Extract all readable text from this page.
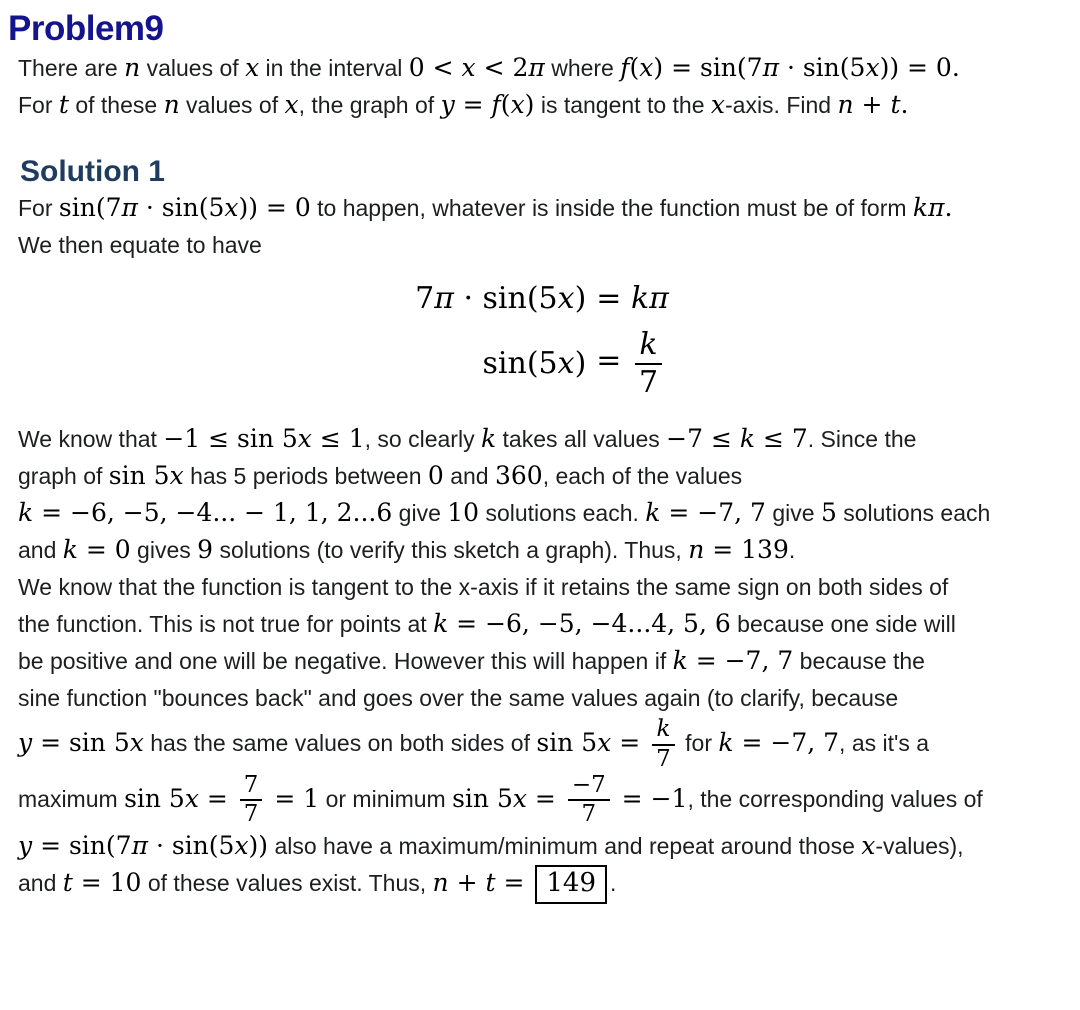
Problem9

There are n values of x in the interval 0 < x < 2π where f(x) = sin(7π · sin(5x)) = 0.
For t of these n values of x, the graph of y = f(x) is tangent to the x-axis. Find n + t.

Solution 1

For sin(7π · sin(5x)) = 0 to happen, whatever is inside the function must be of form kπ.
We then equate to have

7π · sin(5x) = kπ
$\sin(5x) = \frac{k}{7}$

We know that −1 ≤ sin 5x ≤ 1, so clearly k takes all values −7 ≤ k ≤ 7. Since the
graph of sin 5x has 5 periods between 0 and 360, each of the values
k = −6, −5, −4... − 1, 1, 2...6 give 10 solutions each. k = −7, 7 give 5 solutions each
and k = 0 gives 9 solutions (to verify this sketch a graph). Thus, n = 139.

We know that the function is tangent to the x-axis if it retains the same sign on both sides of
the function. This is not true for points at k = −6, −5, −4...4, 5, 6 because one side will
be positive and one will be negative. However this will happen if k = −7, 7 because the
sine function "bounces back" and goes over the same values again (to clarify, because
y = sin 5x has the same values on both sides of $\sin 5x = \frac{k}{7}$ for k = −7, 7, as it's a
maximum $\sin 5x = \frac{7}{7} = 1$ or minimum $\sin 5x = \frac{-7}{7} = -1$, the corresponding values of
y = sin(7π · sin(5x)) also have a maximum/minimum and repeat around those x-values),
and t = 10 of these values exist. Thus, n + t = 149 .
